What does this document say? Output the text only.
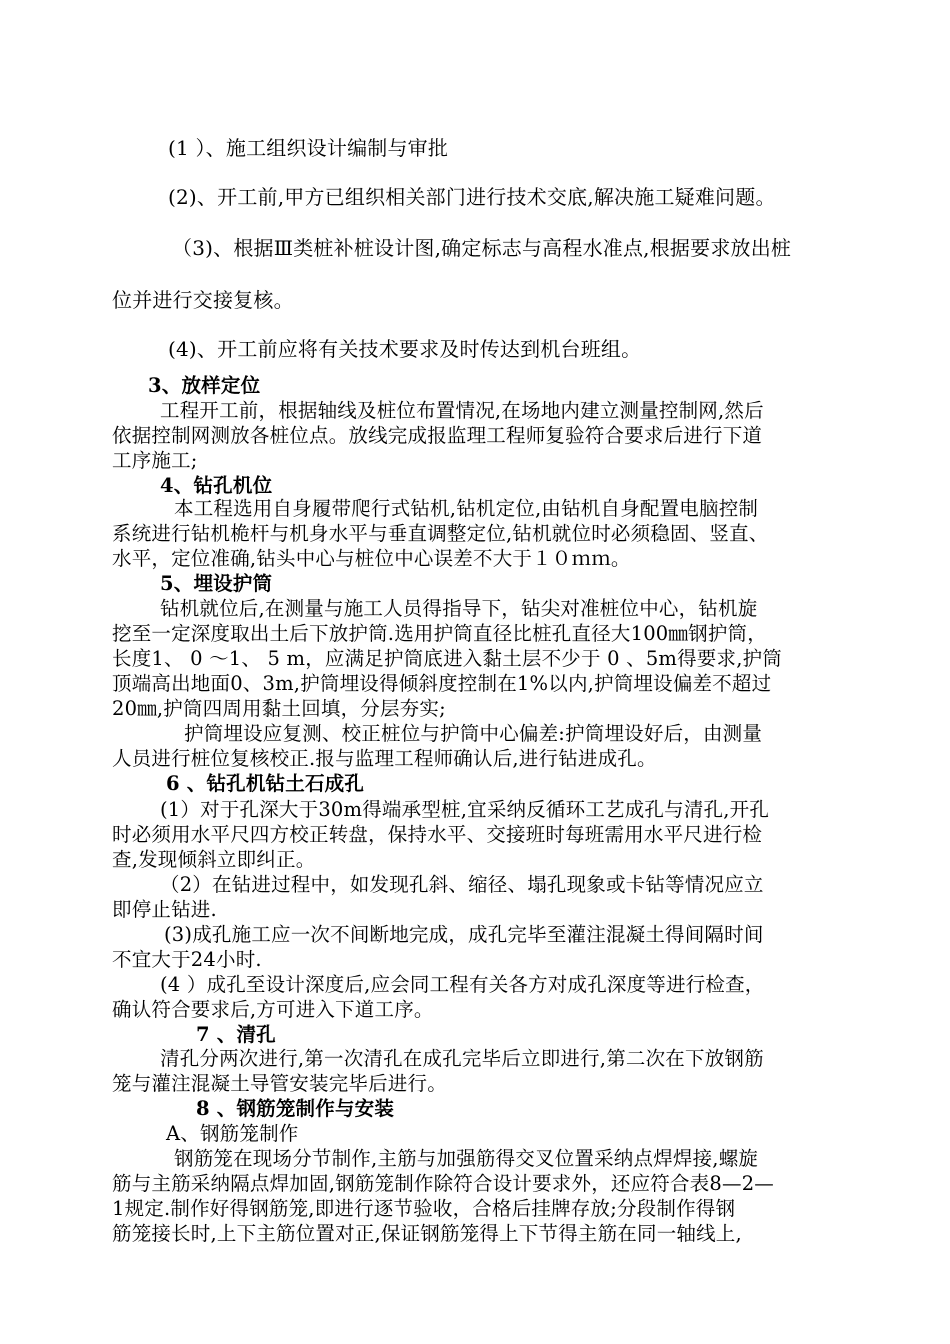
(1 ）、施工组织设计编制与审批
(2)、开工前,甲方已组织相关部门进行技术交底,解决施工疑难问题。
（3)、根据Ⅲ类桩补桩设计图,确定标志与高程水准点,根据要求放出桩
位并进行交接复核。
(4)、开工前应将有关技术要求及时传达到机台班组。
3、放样定位
工程开工前，根据轴线及桩位布置情况,在场地内建立测量控制网,然后
依据控制网测放各桩位点。放线完成报监理工程师复验符合要求后进行下道
工序施工;
4、钻孔机位
本工程选用自身履带爬行式钻机,钻机定位,由钻机自身配置电脑控制
系统进行钻机桅杆与机身水平与垂直调整定位,钻机就位时必须稳固、竖直、
水平，定位准确,钻头中心与桩位中心误差不大于１０ｍｍ。
5、埋设护筒
钻机就位后,在测量与施工人员得指导下，钻尖对准桩位中心，钻机旋
挖至一定深度取出土后下放护筒.选用护筒直径比桩孔直径大100㎜钢护筒，
长度1、 0 ～1、 5 m，应满足护筒底进入黏土层不少于 0 、5m得要求,护筒
顶端高出地面0、3m,护筒埋设得倾斜度控制在1%以内,护筒埋设偏差不超过
20㎜,护筒四周用黏土回填，分层夯实;
护筒埋设应复测、校正桩位与护筒中心偏差:护筒埋设好后，由测量
人员进行桩位复核校正.报与监理工程师确认后,进行钻进成孔。
6 、钻孔机钻土石成孔
(1）对于孔深大于30m得端承型桩,宜采纳反循环工艺成孔与清孔,开孔
时必须用水平尺四方校正转盘，保持水平、交接班时每班需用水平尺进行检
查,发现倾斜立即纠正。
（2）在钻进过程中，如发现孔斜、缩径、塌孔现象或卡钻等情况应立
即停止钻进.
(3)成孔施工应一次不间断地完成，成孔完毕至灌注混凝土得间隔时间
不宜大于24小时.
(4 ）成孔至设计深度后,应会同工程有关各方对成孔深度等进行检查，
确认符合要求后,方可进入下道工序。
7 、清孔
清孔分两次进行,第一次清孔在成孔完毕后立即进行,第二次在下放钢筋
笼与灌注混凝土导管安装完毕后进行。
8 、钢筋笼制作与安装
A、钢筋笼制作
钢筋笼在现场分节制作,主筋与加强筋得交叉位置采纳点焊焊接,螺旋
筋与主筋采纳隔点焊加固,钢筋笼制作除符合设计要求外，还应符合表8—2—
1规定.制作好得钢筋笼,即进行逐节验收，合格后挂牌存放;分段制作得钢
筋笼接长时,上下主筋位置对正,保证钢筋笼得上下节得主筋在同一轴线上,
